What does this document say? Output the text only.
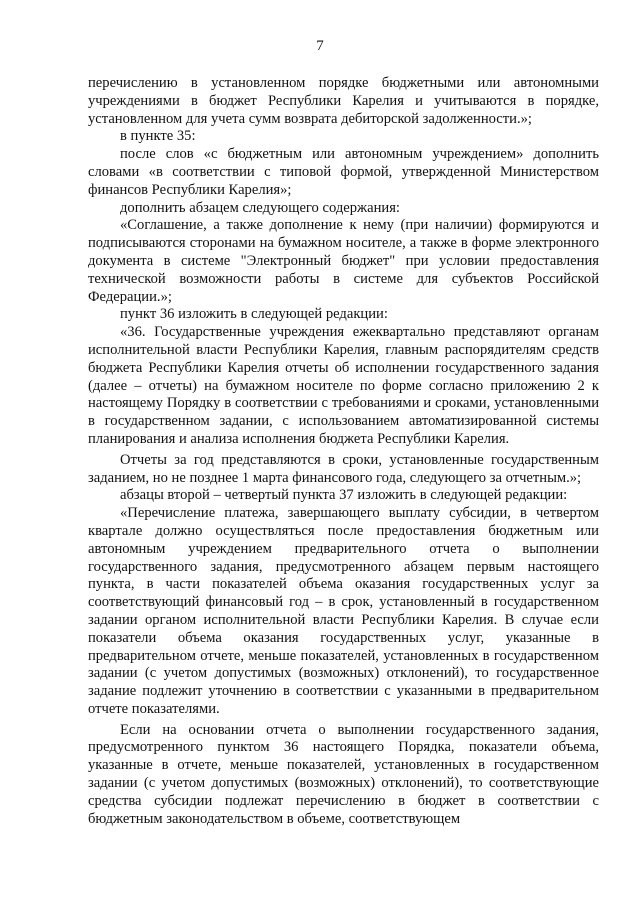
7

перечислению в установленном порядке бюджетными или автономными учреждениями в бюджет Республики Карелия и учитываются в порядке, установленном для учета сумм возврата дебиторской задолженности.»;

в пункте 35:

после слов «с бюджетным или автономным учреждением» дополнить словами «в соответствии с типовой формой, утвержденной Министерством финансов Республики Карелия»;

дополнить абзацем следующего содержания:

«Соглашение, а также дополнение к нему (при наличии) формируются и подписываются сторонами на бумажном носителе, а также в форме электронного документа в системе "Электронный бюджет" при условии предоставления технической возможности работы в системе для субъектов Российской Федерации.»;

пункт 36 изложить в следующей редакции:

«36. Государственные учреждения ежеквартально представляют органам исполнительной власти Республики Карелия, главным распорядителям средств бюджета Республики Карелия отчеты об исполнении государственного задания (далее – отчеты) на бумажном носителе по форме согласно приложению 2 к настоящему Порядку в соответствии с требованиями и сроками, установленными в государственном задании, с использованием автоматизированной системы планирования и анализа исполнения бюджета Республики Карелия.

Отчеты за год представляются в сроки, установленные государственным заданием, но не позднее 1 марта финансового года, следующего за отчетным.»;

абзацы второй – четвертый пункта 37 изложить в следующей редакции:

«Перечисление платежа, завершающего выплату субсидии, в четвертом квартале должно осуществляться после предоставления бюджетным или автономным учреждением предварительного отчета о выполнении государственного задания, предусмотренного абзацем первым настоящего пункта, в части показателей объема оказания государственных услуг за соответствующий финансовый год – в срок, установленный в государственном задании органом исполнительной власти Республики Карелия. В случае если показатели объема оказания государственных услуг, указанные в предварительном отчете, меньше показателей, установленных в государственном задании (с учетом допустимых (возможных) отклонений), то государственное задание подлежит уточнению в соответствии с указанными в предварительном отчете показателями.

Если на основании отчета о выполнении государственного задания, предусмотренного пунктом 36 настоящего Порядка, показатели объема, указанные в отчете, меньше показателей, установленных в государственном задании (с учетом допустимых (возможных) отклонений), то соответствующие средства субсидии подлежат перечислению в бюджет в соответствии с бюджетным законодательством в объеме, соответствующем
